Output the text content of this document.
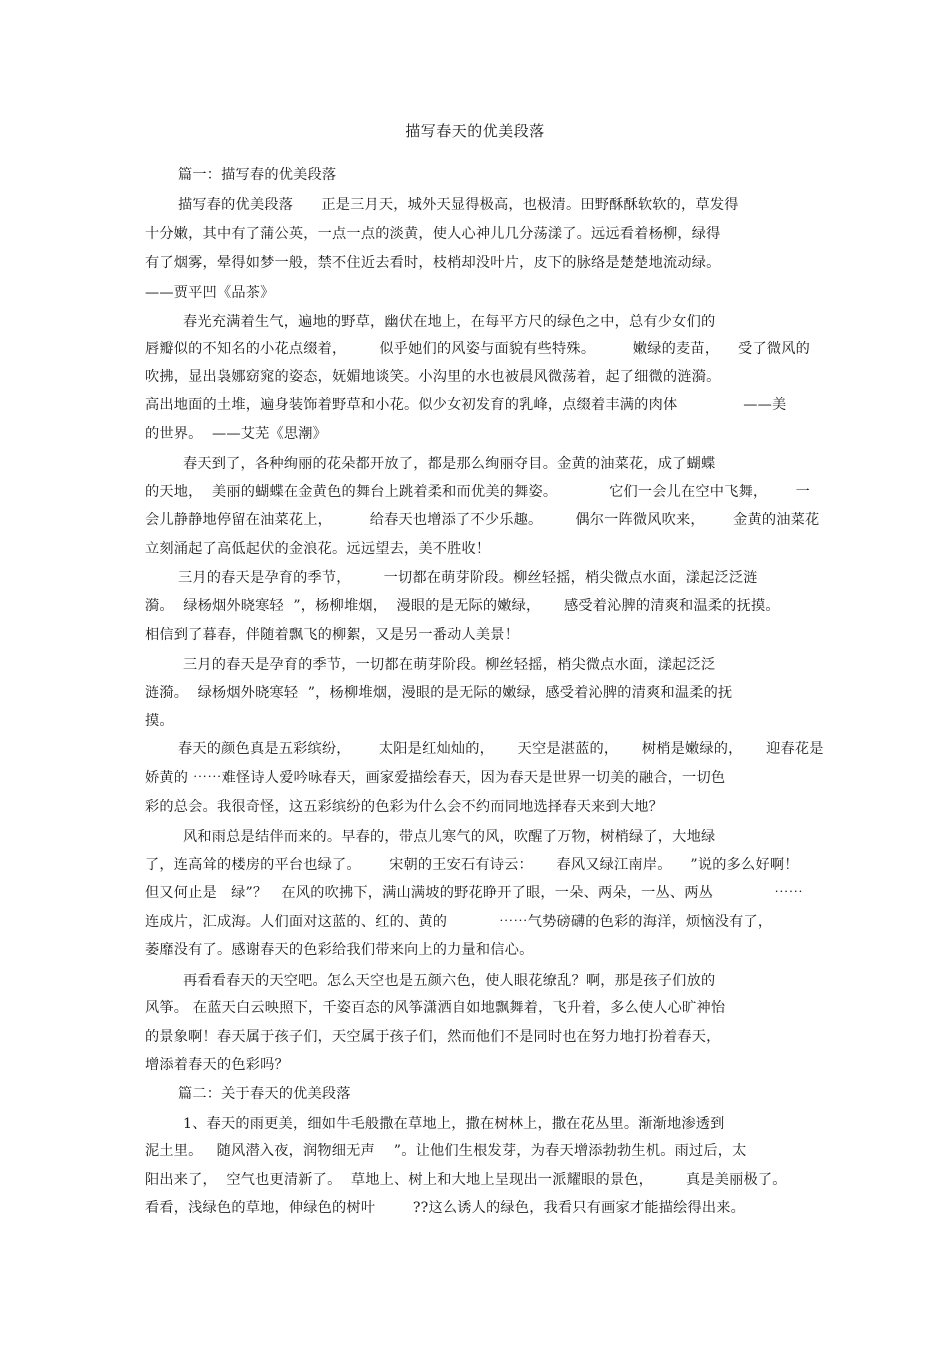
描写春天的优美段落
篇一：描写春的优美段落
描写春的优美段落      正是三月天，城外天显得极高，也极清。田野酥酥软软的，草发得
十分嫩，其中有了蒲公英，一点一点的淡黄，使人心神儿几分荡漾了。远远看着杨柳，绿得
有了烟雾，晕得如梦一般，禁不住近去看时，枝梢却没叶片，皮下的脉络是楚楚地流动绿。
——贾平凹《品茶》
春光充满着生气，遍地的野草，幽伏在地上，在每平方尺的绿色之中，总有少女们的
唇瓣似的不知名的小花点缀着，       似乎她们的风姿与面貌有些特殊。        嫩绿的麦苗，    受了微风的
吹拂，显出袅娜窈窕的姿态，妩媚地谈笑。小沟里的水也被晨风微荡着，起了细微的涟漪。
高出地面的土堆，遍身装饰着野草和小花。似少女初发育的乳峰，点缀着丰满的肉体              ——美
的世界。  ——艾芜《思潮》
春天到了，各种绚丽的花朵都开放了，都是那么绚丽夺目。金黄的油菜花，成了蝴蝶
的天地，  美丽的蝴蝶在金黄色的舞台上跳着柔和而优美的舞姿。           它们一会儿在空中飞舞，      一
会儿静静地停留在油菜花上，        给春天也增添了不少乐趣。       偶尔一阵微风吹来，      金黄的油菜花
立刻涌起了高低起伏的金浪花。远远望去，美不胜收！
三月的春天是孕育的季节，       一切都在萌芽阶段。柳丝轻摇，梢尖微点水面，漾起泛泛涟
漪。  绿杨烟外晓寒轻  ”，杨柳堆烟，  漫眼的是无际的嫩绿，     感受着沁脾的清爽和温柔的抚摸。
相信到了暮春，伴随着飘飞的柳絮，又是另一番动人美景！
三月的春天是孕育的季节，一切都在萌芽阶段。柳丝轻摇，梢尖微点水面，漾起泛泛
涟漪。  绿杨烟外晓寒轻  ”，杨柳堆烟，漫眼的是无际的嫩绿，感受着沁脾的清爽和温柔的抚
摸。
春天的颜色真是五彩缤纷，      太阳是红灿灿的，     天空是湛蓝的，     树梢是嫩绿的，     迎春花是
娇黄的 ⋯⋯难怪诗人爱吟咏春天，画家爱描绘春天，因为春天是世界一切美的融合，一切色
彩的总会。我很奇怪，这五彩缤纷的色彩为什么会不约而同地选择春天来到大地？
风和雨总是结伴而来的。早春的，带点儿寒气的风，吹醒了万物，树梢绿了，大地绿
了，连高耸的楼房的平台也绿了。      宋朝的王安石有诗云：     春风又绿江南岸。    ”说的多么好啊！
但又何止是   绿”？   在风的吹拂下，满山满坡的野花睁开了眼，一朵、两朵，一丛、两丛             ⋯⋯
连成片，汇成海。人们面对这蓝的、红的、黄的           ⋯⋯气势磅礴的色彩的海洋，烦恼没有了，
萎靡没有了。感谢春天的色彩给我们带来向上的力量和信心。
再看看春天的天空吧。怎么天空也是五颜六色，使人眼花缭乱？啊，那是孩子们放的
风筝。 在蓝天白云映照下，千姿百态的风筝潇洒自如地飘舞着，飞升着，多么使人心旷神怡
的景象啊！春天属于孩子们，天空属于孩子们，然而他们不是同时也在努力地打扮着春天，
增添着春天的色彩吗？
篇二：关于春天的优美段落
1、春天的雨更美，细如牛毛般撒在草地上，撒在树林上，撒在花丛里。渐渐地渗透到
泥土里。   随风潜入夜，润物细无声    ”。让他们生根发芽，为春天增添勃勃生机。雨过后，太
阳出来了，  空气也更清新了。  草地上、树上和大地上呈现出一派耀眼的景色，       真是美丽极了。
看看，浅绿色的草地，伸绿色的树叶        ??这么诱人的绿色，我看只有画家才能描绘得出来。
